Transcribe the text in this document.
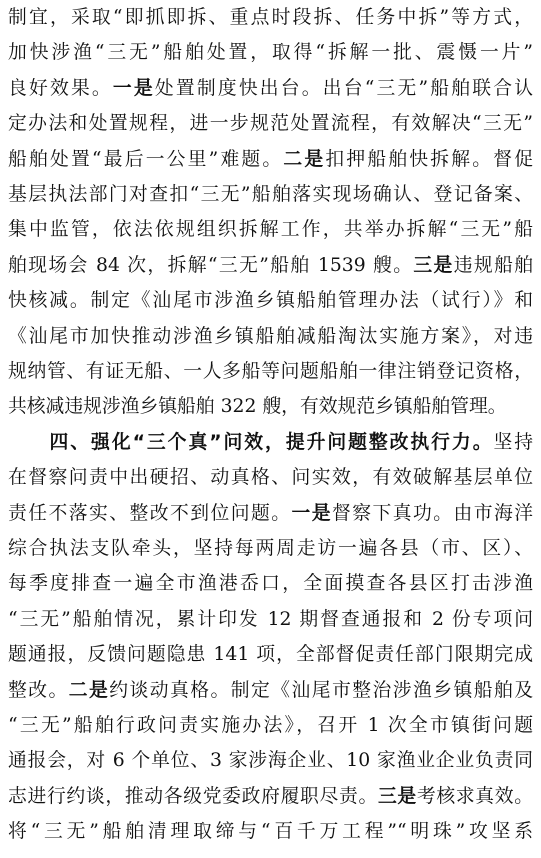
制宜，采取“即抓即拆、重点时段拆、任务中拆”等方式，

加快涉渔“三无”船舶处置，取得“拆解一批、震慑一片”

良好效果。一是处置制度快出台。出台“三无”船舶联合认

定办法和处置规程，进一步规范处置流程，有效解决“三无”

船舶处置“最后一公里”难题。二是扣押船舶快拆解。督促

基层执法部门对查扣“三无”船舶落实现场确认、登记备案、

集中监管，依法依规组织拆解工作，共举办拆解“三无”船

舶现场会 84 次，拆解“三无”船舶 1539 艘。三是违规船舶

快核减。制定《汕尾市涉渔乡镇船舶管理办法（试行）》和

《汕尾市加快推动涉渔乡镇船舶减船淘汰实施方案》，对违

规纳管、有证无船、一人多船等问题船舶一律注销登记资格，

共核减违规涉渔乡镇船舶 322 艘，有效规范乡镇船舶管理。

　　四、强化“三个真”问效，提升问题整改执行力。坚持

在督察问责中出硬招、动真格、问实效，有效破解基层单位

责任不落实、整改不到位问题。一是督察下真功。由市海洋

综合执法支队牵头，坚持每两周走访一遍各县（市、区）、

每季度排查一遍全市渔港岙口，全面摸查各县区打击涉渔

“三无”船舶情况，累计印发 12 期督查通报和 2 份专项问

题通报，反馈问题隐患 141 项，全部督促责任部门限期完成

整改。二是约谈动真格。制定《汕尾市整治涉渔乡镇船舶及

“三无”船舶行政问责实施办法》，召开 1 次全市镇街问题

通报会，对 6 个单位、3 家涉海企业、10 家渔业企业负责同

志进行约谈，推动各级党委政府履职尽责。三是考核求真效。

将“三无”船舶清理取缔与“百千万工程”“明珠”攻坚系
